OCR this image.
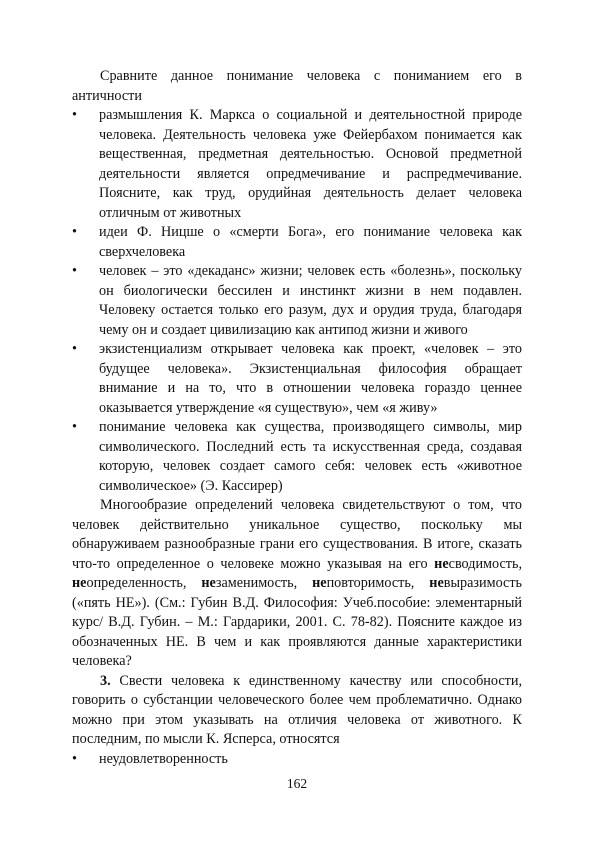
Сравните данное понимание человека с пониманием его в античности

• размышления К. Маркса о социальной и деятельностной природе человека. Деятельность человека уже Фейербахом понимается как вещественная, предметная деятельностью. Основой предметной деятельности является опредмечивание и распредмечивание. Поясните, как труд, орудийная деятельность делает человека отличным от животных

• идеи Ф. Ницше о «смерти Бога», его понимание человека как сверхчеловека

• человек – это «декаданс» жизни; человек есть «болезнь», поскольку он биологически бессилен и инстинкт жизни в нем подавлен. Человеку остается только его разум, дух и орудия труда, благодаря чему он и создает цивилизацию как антипод жизни и живого

• экзистенциализм открывает человека как проект, «человек – это будущее человека». Экзистенциальная философия обращает внимание и на то, что в отношении человека гораздо ценнее оказывается утверждение «я существую», чем «я живу»

• понимание человека как существа, производящего символы, мир символического. Последний есть та искусственная среда, создавая которую, человек создает самого себя: человек есть «животное символическое» (Э. Кассирер)

Многообразие определений человека свидетельствуют о том, что человек действительно уникальное существо, поскольку мы обнаруживаем разнообразные грани его существования. В итоге, сказать что-то определенное о человеке можно указывая на его несводимость, неопределенность, незаменимость, неповторимость, невыразимость («пять НЕ»). (См.: Губин В.Д. Философия: Учеб.пособие: элементарный курс/ В.Д. Губин. – М.: Гардарики, 2001. С. 78-82). Поясните каждое из обозначенных НЕ. В чем и как проявляются данные характеристики человека?

3. Свести человека к единственному качеству или способности, говорить о субстанции человеческого более чем проблематично. Однако можно при этом указывать на отличия человека от животного. К последним, по мысли К. Ясперса, относятся

• неудовлетворенность

162
